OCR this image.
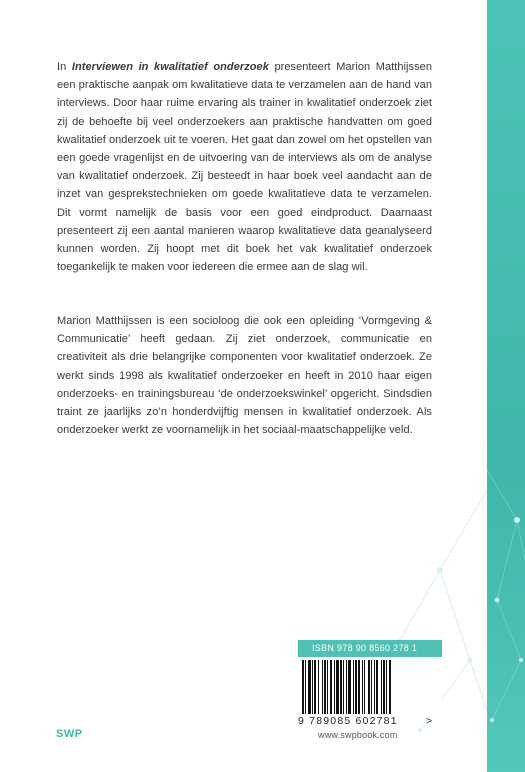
In Interviewen in kwalitatief onderzoek presenteert Marion Matthijssen een praktische aanpak om kwalitatieve data te verzamelen aan de hand van interviews. Door haar ruime ervaring als trainer in kwalitatief onderzoek ziet zij de behoefte bij veel onderzoekers aan praktische handvatten om goed kwalitatief onderzoek uit te voeren. Het gaat dan zowel om het opstellen van een goede vragenlijst en de uitvoering van de interviews als om de analyse van kwalitatief onderzoek. Zij besteedt in haar boek veel aandacht aan de inzet van gesprekstechnieken om goede kwalitatieve data te verzamelen. Dit vormt namelijk de basis voor een goed eindproduct. Daarnaast presenteert zij een aantal manieren waarop kwalitatieve data geanalyseerd kunnen worden. Zij hoopt met dit boek het vak kwalitatief onderzoek toegankelijk te maken voor iedereen die ermee aan de slag wil.

Marion Matthijssen is een socioloog die ook een opleiding ‘Vormgeving & Communicatie’ heeft gedaan. Zij ziet onderzoek, communicatie en creativiteit als drie belangrijke componenten voor kwalitatief onderzoek. Ze werkt sinds 1998 als kwalitatief onderzoeker en heeft in 2010 haar eigen onderzoeks- en trainingsbureau ‘de onderzoekswinkel’ opgericht. Sindsdien traint ze jaarlijks zo’n honderdvijftig mensen in kwalitatief onderzoek. Als onderzoeker werkt ze voornamelijk in het sociaal-maatschappelijke veld.

ISBN 978 90 8560 278 1
9 789085 602781	>
www.swpbook.com
SWP
